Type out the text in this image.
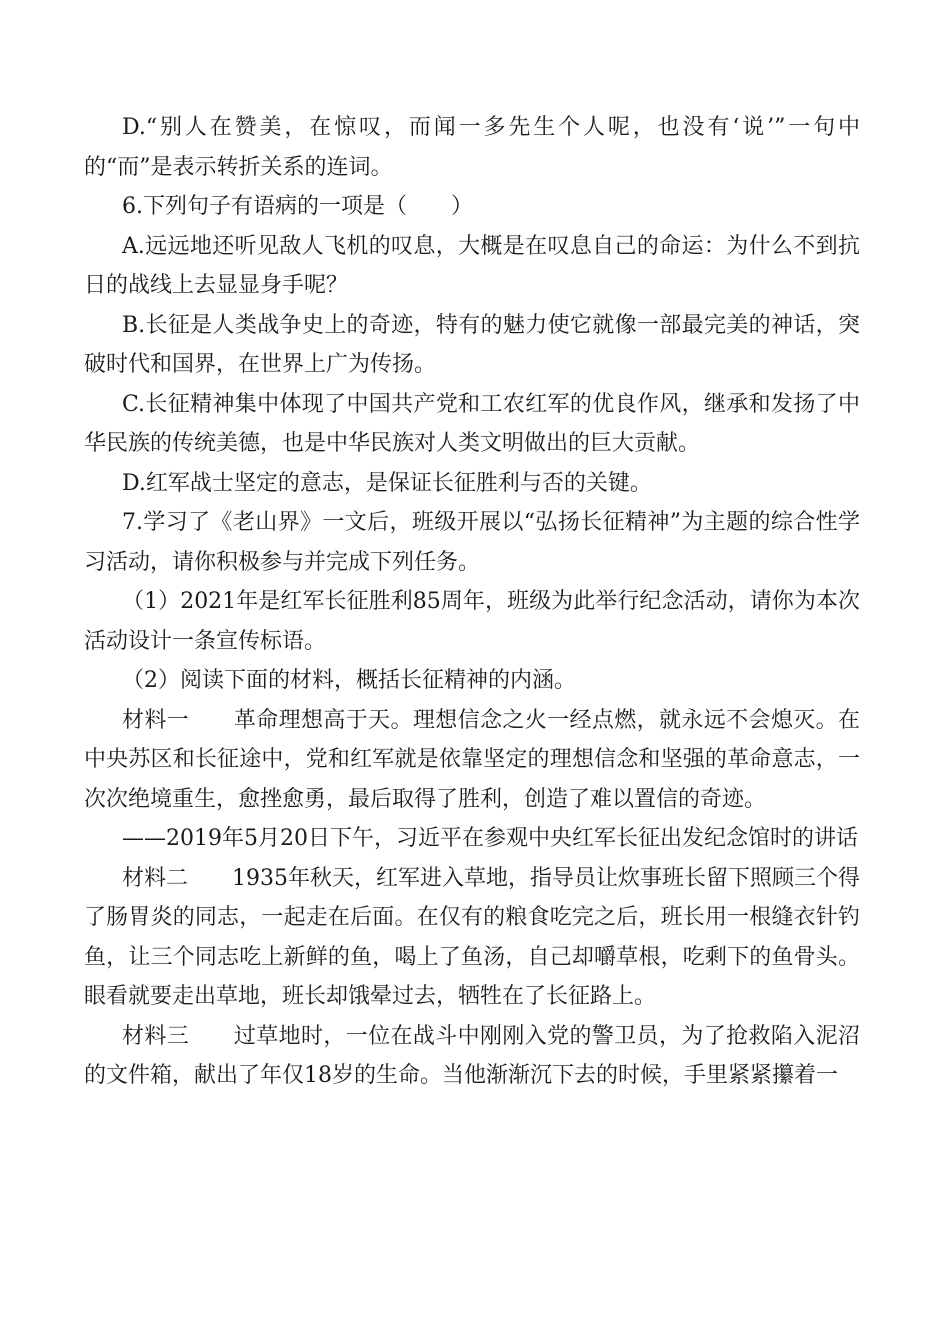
D.“别人在赞美，在惊叹，而闻一多先生个人呢，也没有‘说’”一句中的“而”是表示转折关系的连词。

6.下列句子有语病的一项是（　　）

A.远远地还听见敌人飞机的叹息，大概是在叹息自己的命运：为什么不到抗日的战线上去显显身手呢？

B.长征是人类战争史上的奇迹，特有的魅力使它就像一部最完美的神话，突破时代和国界，在世界上广为传扬。

C.长征精神集中体现了中国共产党和工农红军的优良作风，继承和发扬了中华民族的传统美德，也是中华民族对人类文明做出的巨大贡献。

D.红军战士坚定的意志，是保证长征胜利与否的关键。

7.学习了《老山界》一文后，班级开展以“弘扬长征精神”为主题的综合性学习活动，请你积极参与并完成下列任务。

（1）2021年是红军长征胜利85周年，班级为此举行纪念活动，请你为本次活动设计一条宣传标语。

（2）阅读下面的材料，概括长征精神的内涵。

材料一　　革命理想高于天。理想信念之火一经点燃，就永远不会熄灭。在中央苏区和长征途中，党和红军就是依靠坚定的理想信念和坚强的革命意志，一次次绝境重生，愈挫愈勇，最后取得了胜利，创造了难以置信的奇迹。

——2019年5月20日下午，习近平在参观中央红军长征出发纪念馆时的讲话

材料二　　1935年秋天，红军进入草地，指导员让炊事班长留下照顾三个得了肠胃炎的同志，一起走在后面。在仅有的粮食吃完之后，班长用一根缝衣针钓鱼，让三个同志吃上新鲜的鱼，喝上了鱼汤，自己却嚼草根，吃剩下的鱼骨头。眼看就要走出草地，班长却饿晕过去，牺牲在了长征路上。

材料三　　过草地时，一位在战斗中刚刚入党的警卫员，为了抢救陷入泥沼的文件箱，献出了年仅18岁的生命。当他渐渐沉下去的时候，手里紧紧攥着一
